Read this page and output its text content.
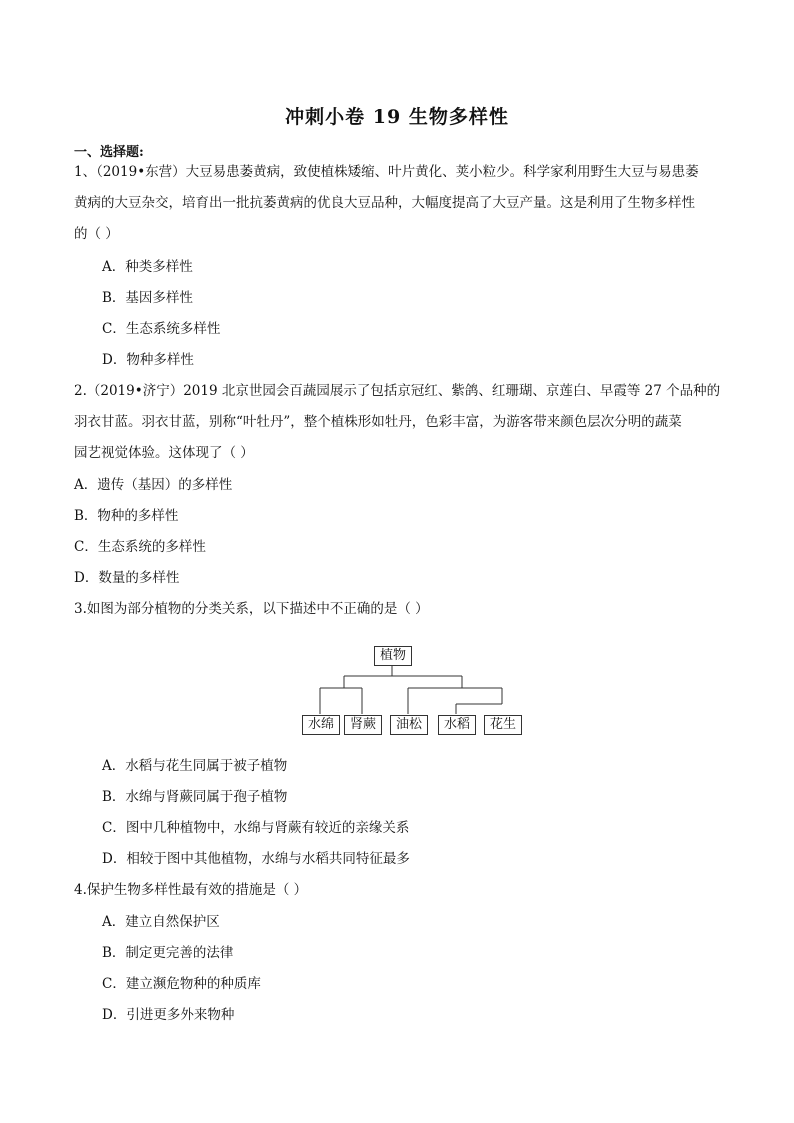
冲刺小卷 19 生物多样性
一、选择题:
1、（2019•东营）大豆易患萎黄病，致使植株矮缩、叶片黄化、荚小粒少。科学家利用野生大豆与易患萎
黄病的大豆杂交，培育出一批抗萎黄病的优良大豆品种，大幅度提高了大豆产量。这是利用了生物多样性
的（ ）
A．种类多样性
B．基因多样性
C．生态系统多样性
D．物种多样性
2.（2019•济宁）2019 北京世园会百蔬园展示了包括京冠红、紫鸽、红珊瑚、京莲白、早霞等 27 个品种的
羽衣甘蓝。羽衣甘蓝，别称“叶牡丹”，整个植株形如牡丹，色彩丰富，为游客带来颜色层次分明的蔬菜
园艺视觉体验。这体现了（ ）
A．遗传（基因）的多样性
B．物种的多样性
C．生态系统的多样性
D．数量的多样性
3.如图为部分植物的分类关系，以下描述中不正确的是（ ）
植物
水绵	肾蕨	油松	水稻	花生
A．水稻与花生同属于被子植物
B．水绵与肾蕨同属于孢子植物
C．图中几种植物中，水绵与肾蕨有较近的亲缘关系
D．相较于图中其他植物，水绵与水稻共同特征最多
4.保护生物多样性最有效的措施是（ ）
A．建立自然保护区
B．制定更完善的法律
C．建立濒危物种的种质库
D．引进更多外来物种
